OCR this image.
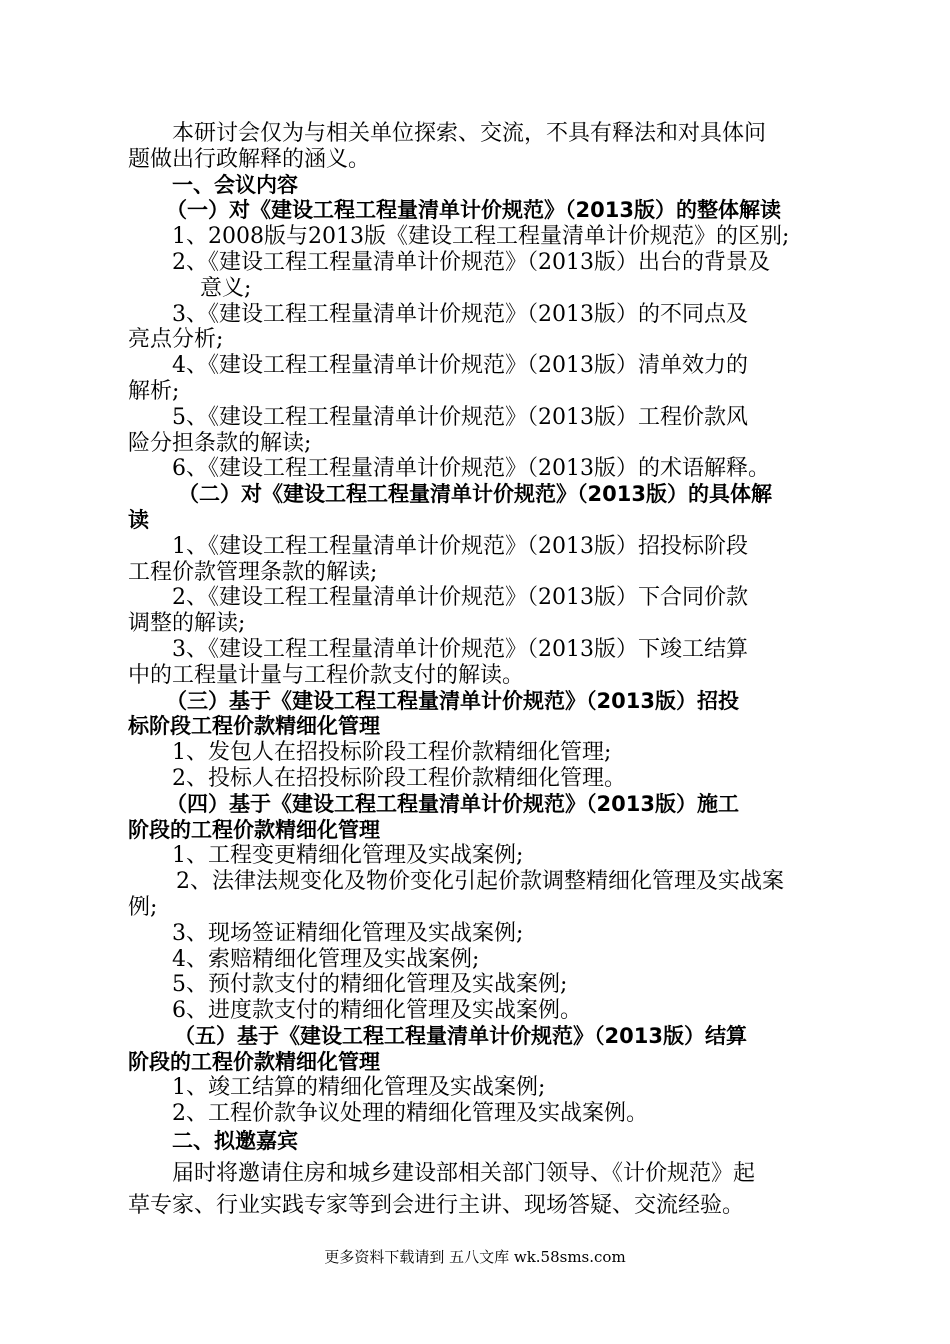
本研讨会仅为与相关单位探索、交流，不具有释法和对具体问
题做出行政解释的涵义。
一、会议内容
（一）对《建设工程工程量清单计价规范》（2013版）的整体解读
1、2008版与2013版《建设工程工程量清单计价规范》的区别;
2、《建设工程工程量清单计价规范》（2013版）出台的背景及
意义;
3、《建设工程工程量清单计价规范》（2013版）的不同点及
亮点分析;
4、《建设工程工程量清单计价规范》（2013版）清单效力的
解析;
5、《建设工程工程量清单计价规范》（2013版）工程价款风
险分担条款的解读;
6、《建设工程工程量清单计价规范》（2013版）的术语解释。
（二）对《建设工程工程量清单计价规范》（2013版）的具体解
读
1、《建设工程工程量清单计价规范》（2013版）招投标阶段
工程价款管理条款的解读;
2、《建设工程工程量清单计价规范》（2013版）下合同价款
调整的解读;
3、《建设工程工程量清单计价规范》（2013版）下竣工结算
中的工程量计量与工程价款支付的解读。
（三）基于《建设工程工程量清单计价规范》（2013版）招投
标阶段工程价款精细化管理
1、发包人在招投标阶段工程价款精细化管理;
2、投标人在招投标阶段工程价款精细化管理。
（四）基于《建设工程工程量清单计价规范》（2013版）施工
阶段的工程价款精细化管理
1、工程变更精细化管理及实战案例;
2、法律法规变化及物价变化引起价款调整精细化管理及实战案
例;
3、现场签证精细化管理及实战案例;
4、索赔精细化管理及实战案例;
5、预付款支付的精细化管理及实战案例;
6、进度款支付的精细化管理及实战案例。
（五）基于《建设工程工程量清单计价规范》（2013版）结算
阶段的工程价款精细化管理
1、竣工结算的精细化管理及实战案例;
2、工程价款争议处理的精细化管理及实战案例。
二、拟邀嘉宾
届时将邀请住房和城乡建设部相关部门领导、《计价规范》起
草专家、行业实践专家等到会进行主讲、现场答疑、交流经验。
更多资料下载请到 五八文库 wk.58sms.com
